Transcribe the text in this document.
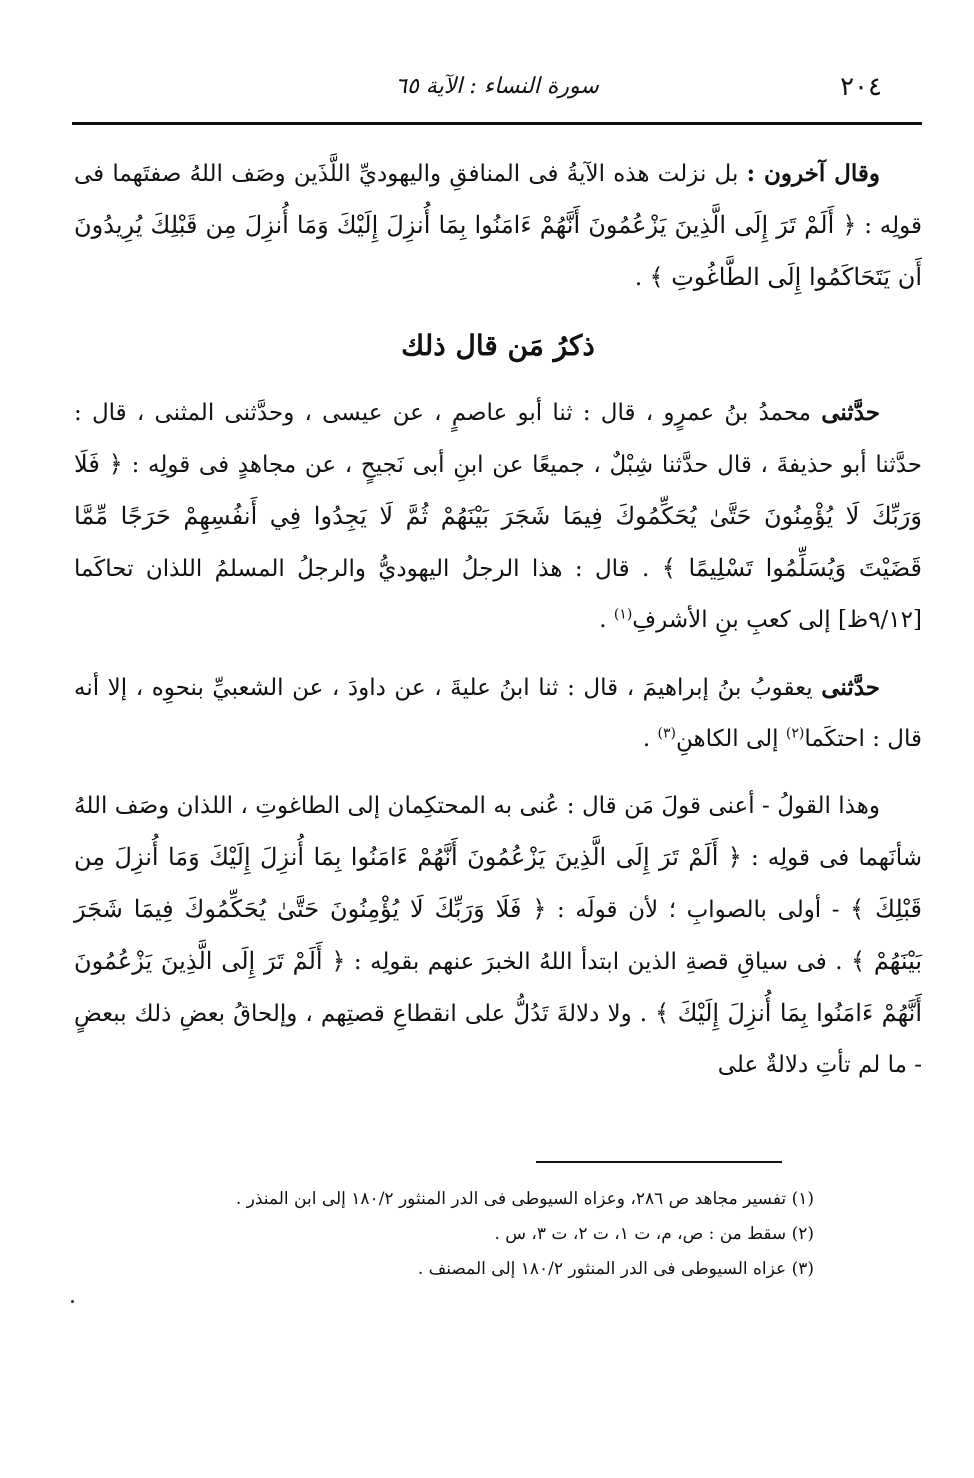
٢٠٤
سورة النساء : الآية ٦٥

وقال آخرون : بل نزلت هذه الآيةُ فى المنافقِ واليهوديِّ اللَّذَين وصَف اللهُ صفتَهما فى قولِه : ﴿ أَلَمْ تَرَ إِلَى الَّذِينَ يَزْعُمُونَ أَنَّهُمْ ءَامَنُوا بِمَا أُنزِلَ إِلَيْكَ وَمَا أُنزِلَ مِن قَبْلِكَ يُرِيدُونَ أَن يَتَحَاكَمُوا إِلَى الطَّاغُوتِ ﴾ .

ذكرُ مَن قال ذلك

حدَّثنى محمدُ بنُ عمرٍو ، قال : ثنا أبو عاصمٍ ، عن عيسى ، وحدَّثنى المثنى ، قال : حدَّثنا أبو حذيفةَ ، قال حدَّثنا شِبْلٌ ، جميعًا عن ابنِ أبى نَجيحٍ ، عن مجاهدٍ فى قولِه : ﴿ فَلَا وَرَبِّكَ لَا يُؤْمِنُونَ حَتَّىٰ يُحَكِّمُوكَ فِيمَا شَجَرَ بَيْنَهُمْ ثُمَّ لَا يَجِدُوا فِي أَنفُسِهِمْ حَرَجًا مِّمَّا قَضَيْتَ وَيُسَلِّمُوا تَسْلِيمًا ﴾ . قال : هذا الرجلُ اليهوديُّ والرجلُ المسلمُ اللذان تحاكَما [٩/١٢ظ] إلى كعبِ بنِ الأشرفِ$^{(١)}$ .

حدَّثنى يعقوبُ بنُ إبراهيمَ ، قال : ثنا ابنُ عليةَ ، عن داودَ ، عن الشعبيِّ بنحوِه ، إلا أنه قال : احتكَما$^{(٢)}$ إلى الكاهنِ$^{(٣)}$ .

وهذا القولُ - أعنى قولَ مَن قال : عُنى به المحتكِمان إلى الطاغوتِ ، اللذان وصَف اللهُ شأنَهما فى قولِه : ﴿ أَلَمْ تَرَ إِلَى الَّذِينَ يَزْعُمُونَ أَنَّهُمْ ءَامَنُوا بِمَا أُنزِلَ إِلَيْكَ وَمَا أُنزِلَ مِن قَبْلِكَ ﴾ - أولى بالصوابِ ؛ لأن قولَه : ﴿ فَلَا وَرَبِّكَ لَا يُؤْمِنُونَ حَتَّىٰ يُحَكِّمُوكَ فِيمَا شَجَرَ بَيْنَهُمْ ﴾ . فى سياقِ قصةِ الذين ابتدأ اللهُ الخبرَ عنهم بقولِه : ﴿ أَلَمْ تَرَ إِلَى الَّذِينَ يَزْعُمُونَ أَنَّهُمْ ءَامَنُوا بِمَا أُنزِلَ إِلَيْكَ ﴾ . ولا دلالةَ تَدُلُّ على انقطاعِ قصتِهم ، وإلحاقُ بعضِ ذلك ببعضٍ - ما لم تأتِ دلالةٌ على

(١) تفسير مجاهد ص ٢٨٦، وعزاه السيوطى فى الدر المنثور ١٨٠/٢ إلى ابن المنذر .
(٢) سقط من : ص، م، ت ١، ت ٢، ت ٣، س .
(٣) عزاه السيوطى فى الدر المنثور ١٨٠/٢ إلى المصنف .
